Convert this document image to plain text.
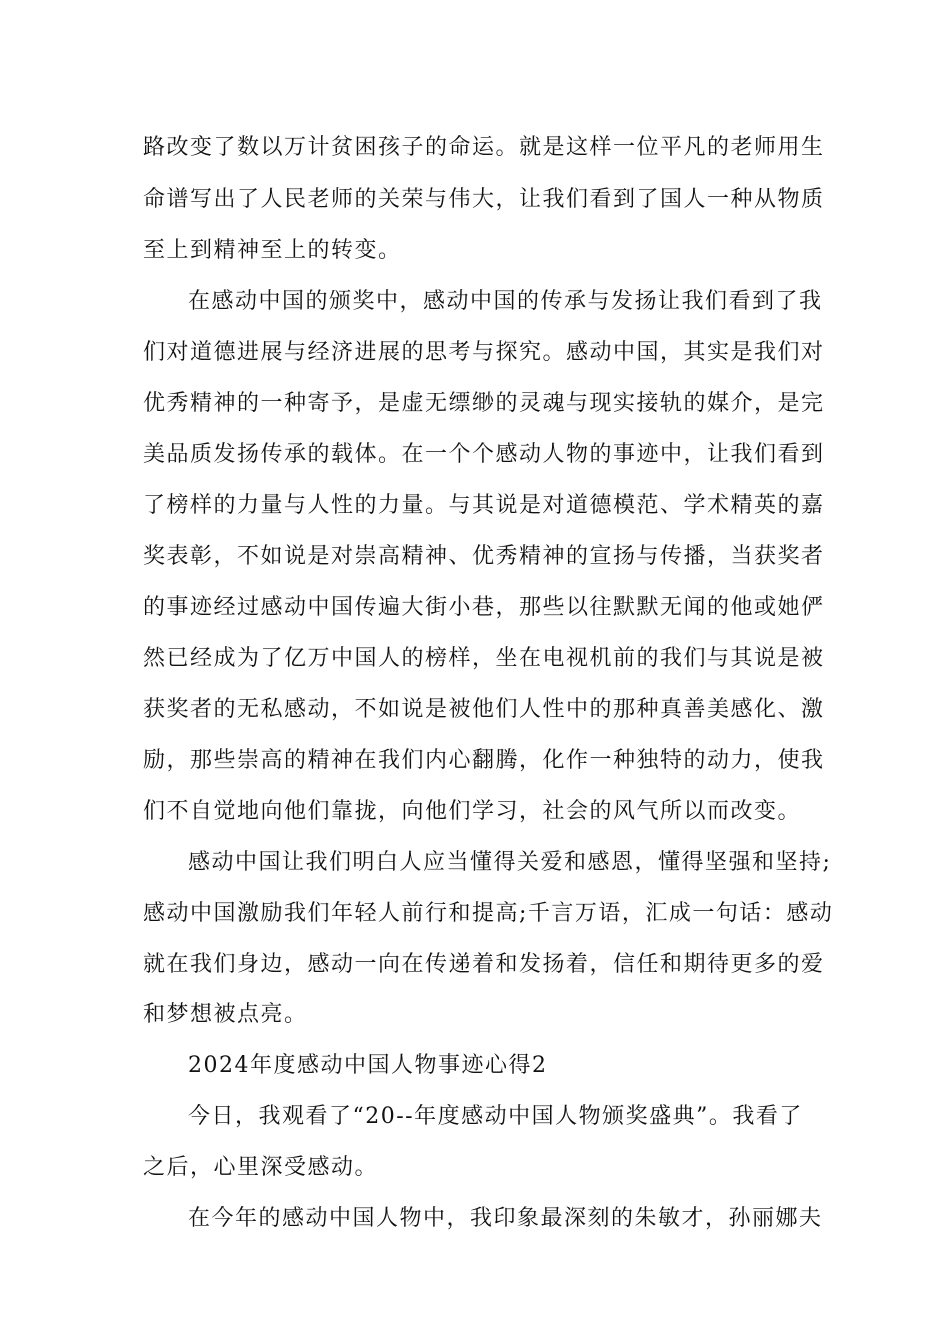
路改变了数以万计贫困孩子的命运。就是这样一位平凡的老师用生
命谱写出了人民老师的关荣与伟大，让我们看到了国人一种从物质
至上到精神至上的转变。
在感动中国的颁奖中，感动中国的传承与发扬让我们看到了我
们对道德进展与经济进展的思考与探究。感动中国，其实是我们对
优秀精神的一种寄予，是虚无缥缈的灵魂与现实接轨的媒介，是完
美品质发扬传承的载体。在一个个感动人物的事迹中，让我们看到
了榜样的力量与人性的力量。与其说是对道德模范、学术精英的嘉
奖表彰，不如说是对崇高精神、优秀精神的宣扬与传播，当获奖者
的事迹经过感动中国传遍大街小巷，那些以往默默无闻的他或她俨
然已经成为了亿万中国人的榜样，坐在电视机前的我们与其说是被
获奖者的无私感动，不如说是被他们人性中的那种真善美感化、激
励，那些崇高的精神在我们内心翻腾，化作一种独特的动力，使我
们不自觉地向他们靠拢，向他们学习，社会的风气所以而改变。
感动中国让我们明白人应当懂得关爱和感恩，懂得坚强和坚持;
感动中国激励我们年轻人前行和提高;千言万语，汇成一句话：感动
就在我们身边，感动一向在传递着和发扬着，信任和期待更多的爱
和梦想被点亮。
2024年度感动中国人物事迹心得2
今日，我观看了“20--年度感动中国人物颁奖盛典”。我看了
之后，心里深受感动。
在今年的感动中国人物中，我印象最深刻的朱敏才，孙丽娜夫
